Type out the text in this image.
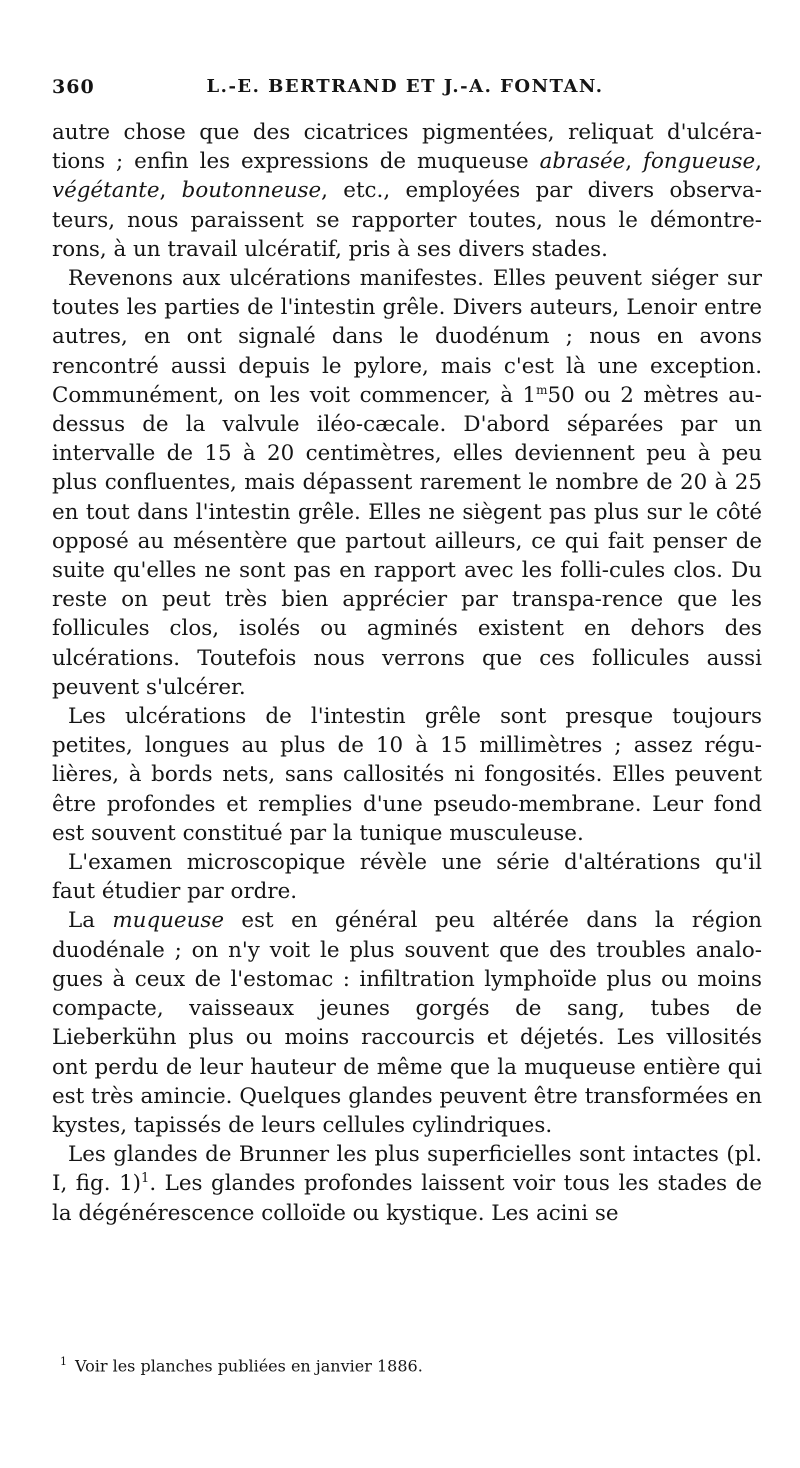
360	L.-E. BERTRAND ET J.-A. FONTAN.

autre chose que des cicatrices pigmentées, reliquat d'ulcéra-tions ; enfin les expressions de muqueuse abrasée, fongueuse, végétante, boutonneuse, etc., employées par divers observa-teurs, nous paraissent se rapporter toutes, nous le démontre-rons, à un travail ulcératif, pris à ses divers stades.

Revenons aux ulcérations manifestes. Elles peuvent siéger sur toutes les parties de l'intestin grêle. Divers auteurs, Lenoir entre autres, en ont signalé dans le duodénum ; nous en avons rencontré aussi depuis le pylore, mais c'est là une exception. Communément, on les voit commencer, à 1$^m$50 ou 2 mètres au-dessus de la valvule iléo-cæcale. D'abord séparées par un intervalle de 15 à 20 centimètres, elles deviennent peu à peu plus confluentes, mais dépassent rarement le nombre de 20 à 25 en tout dans l'intestin grêle. Elles ne siègent pas plus sur le côté opposé au mésentère que partout ailleurs, ce qui fait penser de suite qu'elles ne sont pas en rapport avec les folli-cules clos. Du reste on peut très bien apprécier par transpa-rence que les follicules clos, isolés ou agminés existent en dehors des ulcérations. Toutefois nous verrons que ces follicules aussi peuvent s'ulcérer.

Les ulcérations de l'intestin grêle sont presque toujours petites, longues au plus de 10 à 15 millimètres ; assez régu-lières, à bords nets, sans callosités ni fongosités. Elles peuvent être profondes et remplies d'une pseudo-membrane. Leur fond est souvent constitué par la tunique musculeuse.

L'examen microscopique révèle une série d'altérations qu'il faut étudier par ordre.

La muqueuse est en général peu altérée dans la région duodénale ; on n'y voit le plus souvent que des troubles analo-gues à ceux de l'estomac : infiltration lymphoïde plus ou moins compacte, vaisseaux jeunes gorgés de sang, tubes de Lieberkühn plus ou moins raccourcis et déjetés. Les villosités ont perdu de leur hauteur de même que la muqueuse entière qui est très amincie. Quelques glandes peuvent être transformées en kystes, tapissés de leurs cellules cylindriques.

Les glandes de Brunner les plus superficielles sont intactes (pl. I, fig. 1)$^1$. Les glandes profondes laissent voir tous les stades de la dégénérescence colloïde ou kystique. Les acini se

$^1$ Voir les planches publiées en janvier 1886.
